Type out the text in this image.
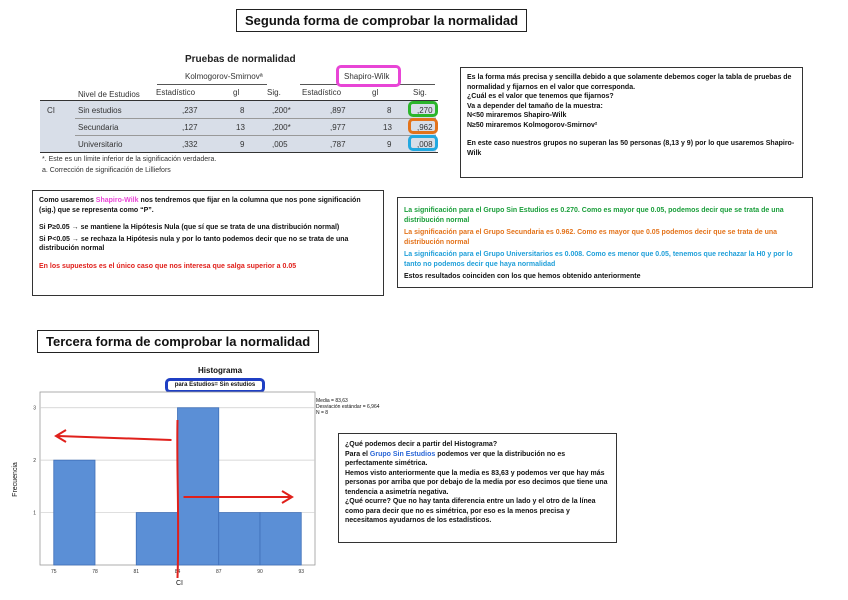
Segunda forma de comprobar la normalidad
Pruebas de normalidad
Kolmogorov-Smirnovª	Shapiro-Wilk
Nivel de Estudios Estadístico	gl	Sig.	Estadístico	gl	Sig.
CI	Sin estudios	,237	8	,200*	,897	8	,270
Secundaria	,127	13	,200*	,977	13	,962
Universitario	,332	9	,005	,787	9	,008
*. Este es un límite inferior de la significación verdadera.
a. Corrección de significación de Lilliefors

Es la forma más precisa y sencilla debido a que solamente debemos coger la tabla de pruebas de normalidad y fijarnos en el valor que corresponda.

¿Cuál es el valor que tenemos que fijarnos?

Va a depender del tamaño de la muestra:

N<50 miraremos Shapiro-Wilk

N≥50 miraremos Kolmogorov-Smirnov²

En este caso nuestros grupos no superan las 50 personas (8,13 y 9) por lo que usaremos Shapiro-Wilk

Como usaremos Shapiro-Wilk nos tendremos que fijar en la columna que nos pone significación (sig.) que se representa como “P”.

Si P≥0.05 → se mantiene la Hipótesis Nula (que sí que se trata de una distribución normal)

Si P<0.05 → se rechaza la Hipótesis nula y por lo tanto podemos decir que no se trata de una distribución normal

En los supuestos es el único caso que nos interesa que salga superior a 0.05

La significación para el Grupo Sin Estudios es 0.270. Como es mayor que 0.05, podemos decir que se trata de una distribución normal

La significación para el Grupo Secundaria es 0.962. Como es mayor que 0.05 podemos decir que se trata de una distribución normal

La significación para el Grupo Universitarios es 0.008. Como es menor que 0.05, tenemos que rechazar la H0 y por lo tanto no podemos decir que haya normalidad

Estos resultados coinciden con los que hemos obtenido anteriormente

Tercera forma de comprobar la normalidad
Histograma
para Estudios= Sin estudios
Media = 83,63
Desviación estándar = 6,964
N = 8
Frecuencia
CI
1
2
3
75	78	81	84	87	90	93

¿Qué podemos decir a partir del Histograma?

Para el Grupo Sin Estudios podemos ver que la distribución no es perfectamente simétrica.

Hemos visto anteriormente que la media es 83,63 y podemos ver que hay más personas por arriba que por debajo de la media por eso decimos que tiene una tendencia a asimetría negativa.

¿Qué ocurre? Que no hay tanta diferencia entre un lado y el otro de la línea como para decir que no es simétrica, por eso es la menos precisa y necesitamos ayudarnos de los estadísticos.
